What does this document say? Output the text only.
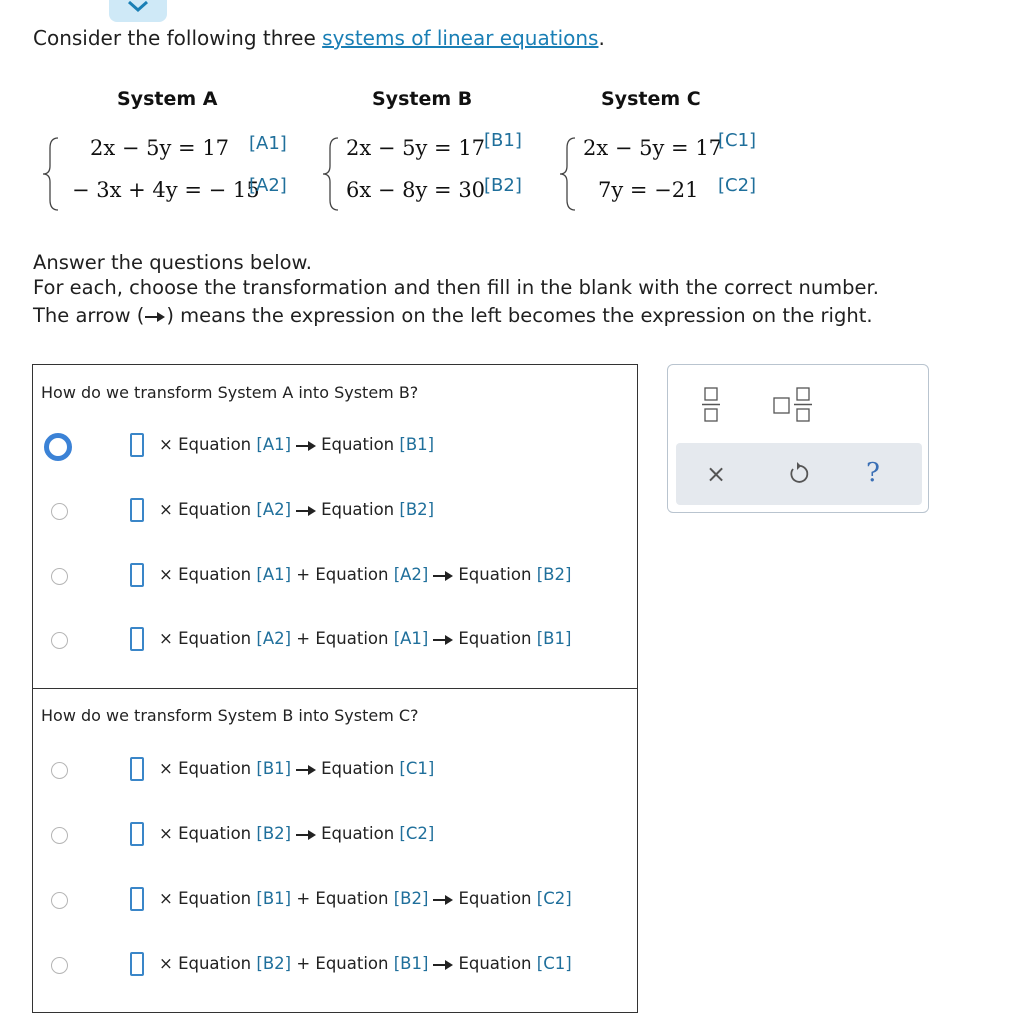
Consider the following three systems of linear equations.
System A
2x − 5y = 17 [A1]
− 3x + 4y = − 15
[A2]
System B
2x − 5y = 17
[B1]
6x − 8y = 30
[B2]
System C
2x − 5y = 17
[C1]
7y = −21 [C2]
Answer the questions below.
For each, choose the transformation and then fill in the blank with the correct number.
The arrow ( ) means the expression on the left becomes the expression on the right.
How do we transform System A into System B?
× Equation [A1] Equation [B1]
× Equation [A2] Equation [B2]
× Equation [A1] + Equation [A2] Equation [B2]
× Equation [A2] + Equation [A1] Equation [B1]
How do we transform System B into System C?
× Equation [B1] Equation [C1]
× Equation [B2] Equation [C2]
× Equation [B1] + Equation [B2] Equation [C2]
× Equation [B2] + Equation [B1] Equation [C1]
×	?
